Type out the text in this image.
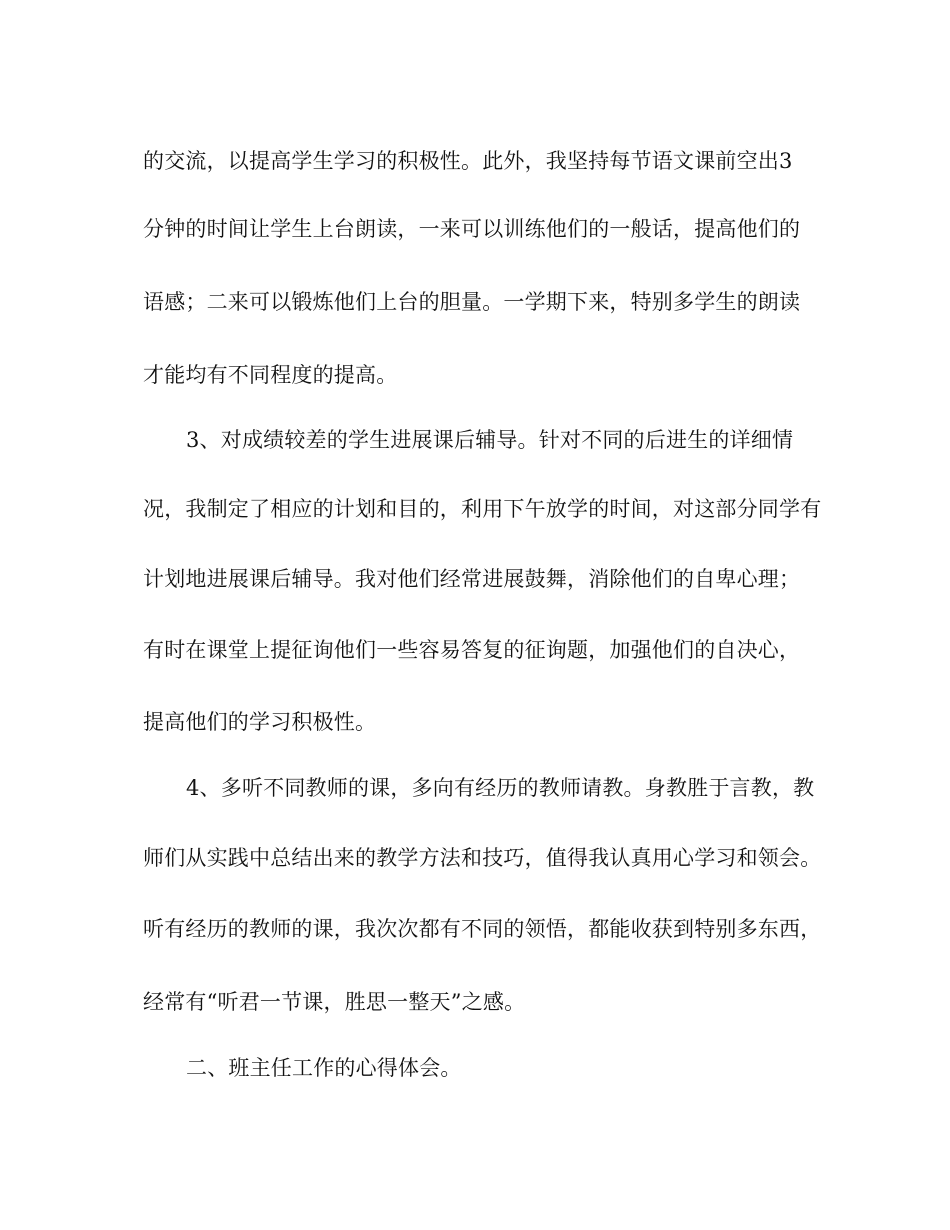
的交流，以提高学生学习的积极性。此外，我坚持每节语文课前空出3
分钟的时间让学生上台朗读，一来可以训练他们的一般话，提高他们的
语感；二来可以锻炼他们上台的胆量。一学期下来，特别多学生的朗读
才能均有不同程度的提高。
3、对成绩较差的学生进展课后辅导。针对不同的后进生的详细情
况，我制定了相应的计划和目的，利用下午放学的时间，对这部分同学有
计划地进展课后辅导。我对他们经常进展鼓舞，消除他们的自卑心理；
有时在课堂上提征询他们一些容易答复的征询题，加强他们的自决心，
提高他们的学习积极性。
4、多听不同教师的课，多向有经历的教师请教。身教胜于言教，教
师们从实践中总结出来的教学方法和技巧，值得我认真用心学习和领会。
听有经历的教师的课，我次次都有不同的领悟，都能收获到特别多东西，
经常有“听君一节课，胜思一整天”之感。
二、班主任工作的心得体会。
